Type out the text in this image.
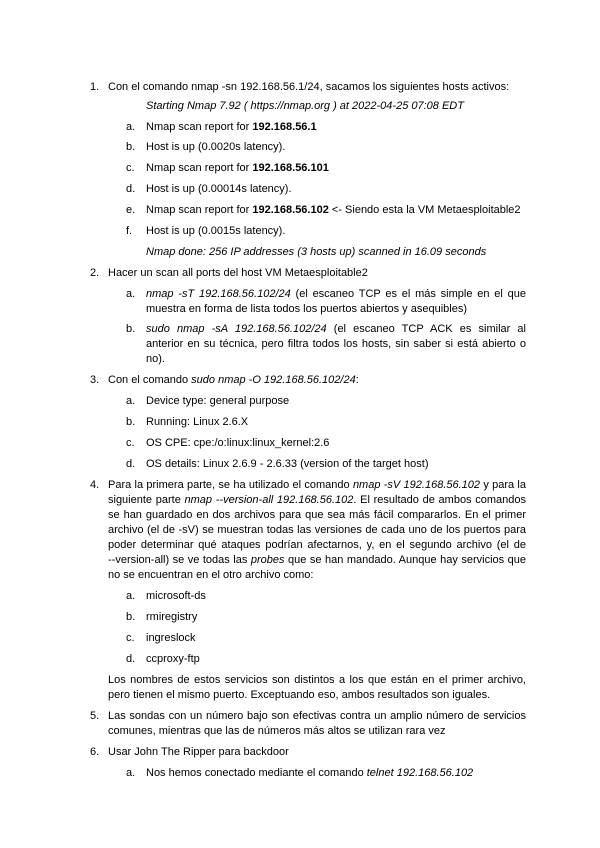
1. Con el comando nmap -sn 192.168.56.1/24, sacamos los siguientes hosts activos:
Starting Nmap 7.92 ( https://nmap.org ) at 2022-04-25 07:08 EDT
a. Nmap scan report for 192.168.56.1
b. Host is up (0.0020s latency).
c.	Nmap scan report for 192.168.56.101
d. Host is up (0.00014s latency).
e. Nmap scan report for 192.168.56.102 <- Siendo esta la VM Metaesploitable2
f.	Host is up (0.0015s latency).
Nmap done: 256 IP addresses (3 hosts up) scanned in 16.09 seconds
2. Hacer un scan all ports del host VM Metaesploitable2
a. nmap -sT 192.168.56.102/24 (el escaneo TCP es el más simple en el que
muestra en forma de lista todos los puertos abiertos y asequibles)
b. sudo nmap -sA 192.168.56.102/24 (el escaneo TCP ACK es similar al
anterior en su técnica, pero filtra todos los hosts, sin saber si está abierto o
no).
3. Con el comando sudo nmap -O 192.168.56.102/24:
a. Device type: general purpose
b. Running: Linux 2.6.X
c.	OS CPE: cpe:/o:linux:linux_kernel:2.6
d. OS details: Linux 2.6.9 - 2.6.33 (version of the target host)
4. Para la primera parte, se ha utilizado el comando nmap -sV 192.168.56.102 y para la
siguiente parte nmap --version-all 192.168.56.102. El resultado de ambos comandos
se han guardado en dos archivos para que sea más fácil compararlos. En el primer
archivo (el de -sV) se muestran todas las versiones de cada uno de los puertos para
poder determinar qué ataques podrían afectarnos, y, en el segundo archivo (el de
--version-all) se ve todas las probes que se han mandado. Aunque hay servicios que
no se encuentran en el otro archivo como:
a. microsoft-ds
b. rmiregistry
c.	ingreslock
d. ccproxy-ftp
Los nombres de estos servicios son distintos a los que están en el primer archivo,
pero tienen el mismo puerto. Exceptuando eso, ambos resultados son iguales.
5. Las sondas con un número bajo son efectivas contra un amplio número de servicios
comunes, mientras que las de números más altos se utilizan rara vez
6. Usar John The Ripper para backdoor
a. Nos hemos conectado mediante el comando telnet 192.168.56.102
